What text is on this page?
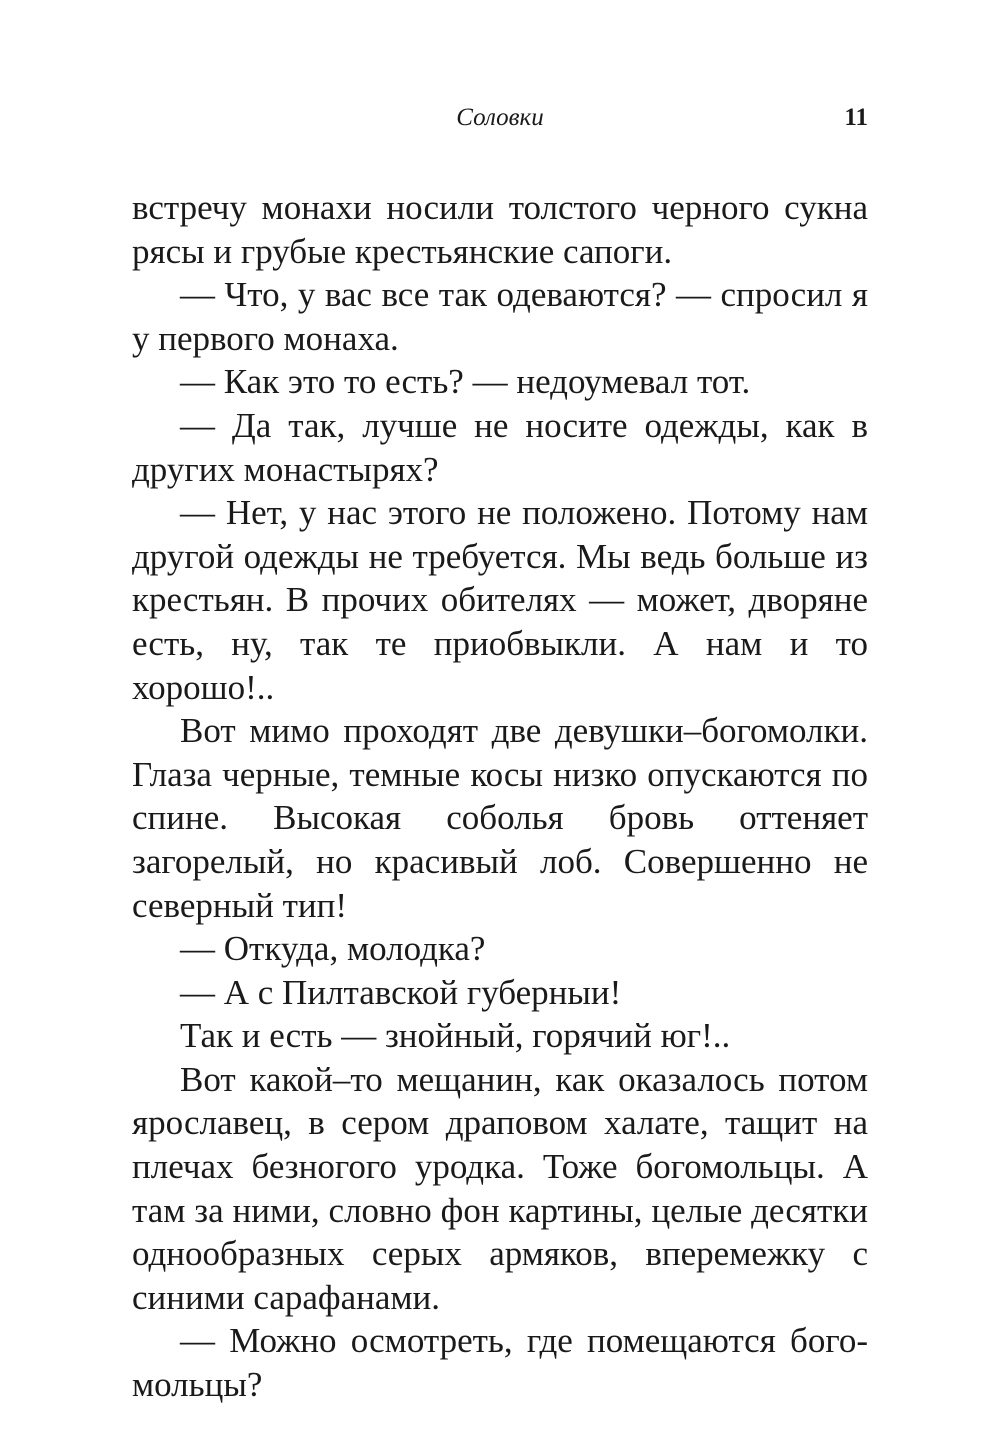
Соловки	11

встречу монахи носили толстого черного сукна рясы и грубые крестьянские сапоги.

— Что, у вас все так одеваются? — спросил я у первого монаха.

— Как это то есть? — недоумевал тот.

— Да так, лучше не носите одежды, как в других монастырях?

— Нет, у нас этого не положено. Потому нам другой одежды не требуется. Мы ведь больше из крестьян. В прочих обителях — может, дворяне есть, ну, так те приобвыкли. А нам и то хорошо!..

Вот мимо проходят две девушки–богомолки. Глаза черные, темные косы низко опускаются по спине. Высокая соболья бровь оттеняет загорелый, но красивый лоб. Совершенно не северный тип!

— Откуда, молодка?

— А с Пилтавской губерныи!

Так и есть — знойный, горячий юг!..

Вот какой–то мещанин, как оказалось потом ярославец, в сером драповом халате, тащит на плечах безногого уродка. Тоже богомольцы. А там за ними, словно фон картины, целые десятки однообразных серых армяков, вперемежку с синими сарафанами.

— Можно осмотреть, где помещаются богомольцы?
